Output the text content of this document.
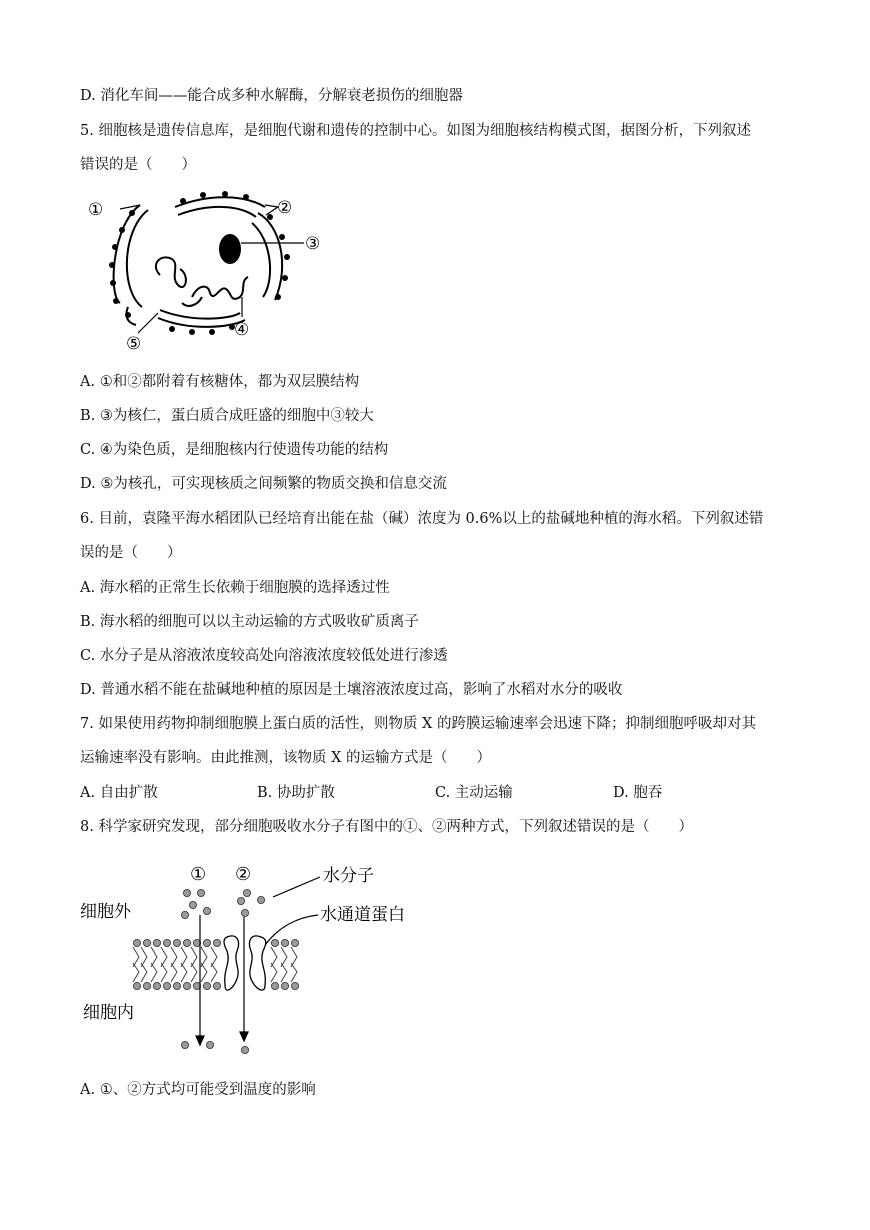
D. 消化车间——能合成多种水解酶，分解衰老损伤的细胞器
5. 细胞核是遗传信息库，是细胞代谢和遗传的控制中心。如图为细胞核结构模式图，据图分析，下列叙述
错误的是（　　）
①	②
③
④
⑤
A. ①和②都附着有核糖体，都为双层膜结构
B. ③为核仁，蛋白质合成旺盛的细胞中③较大
C. ④为染色质，是细胞核内行使遗传功能的结构
D. ⑤为核孔，可实现核质之间频繁的物质交换和信息交流
6. 目前，袁隆平海水稻团队已经培育出能在盐（碱）浓度为 0.6%以上的盐碱地种植的海水稻。下列叙述错
误的是（　　）
A. 海水稻的正常生长依赖于细胞膜的选择透过性
B. 海水稻的细胞可以以主动运输的方式吸收矿质离子
C. 水分子是从溶液浓度较高处向溶液浓度较低处进行渗透
D. 普通水稻不能在盐碱地种植的原因是土壤溶液浓度过高，影响了水稻对水分的吸收
7. 如果使用药物抑制细胞膜上蛋白质的活性，则物质 X 的跨膜运输速率会迅速下降；抑制细胞呼吸却对其
运输速率没有影响。由此推测，该物质 X 的运输方式是（　　）
A. 自由扩散	B. 协助扩散	C. 主动运输	D. 胞吞
8. 科学家研究发现，部分细胞吸收水分子有图中的①、②两种方式，下列叙述错误的是（　　）
细胞外
细胞内
① ②	水分子
水通道蛋白
A. ①、②方式均可能受到温度的影响
